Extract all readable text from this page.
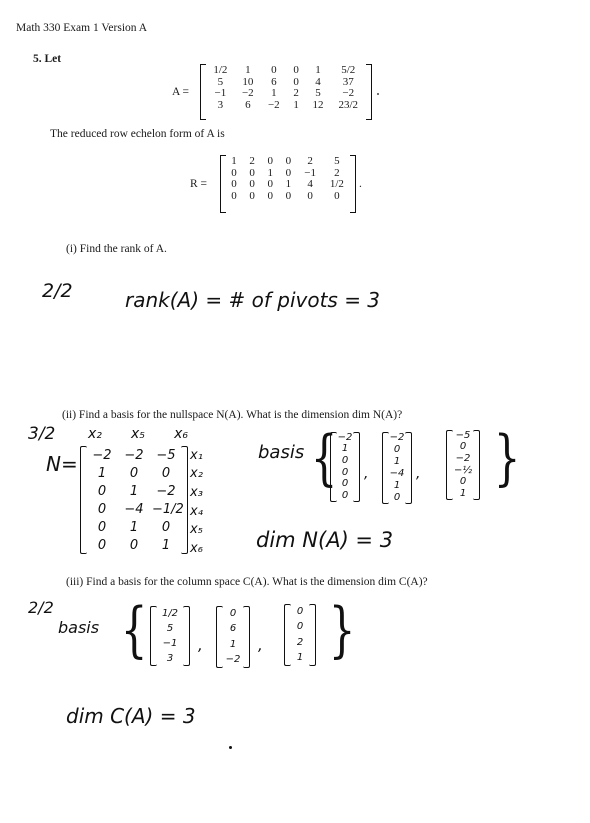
Math 330 Exam 1 Version A
5. Let
A =
1/2	1	0	0	1	5/2
5	10	6	0	4	37
−1	−2	1	2	5	−2
3	6	−2	1	12	23/2
The reduced row echelon form of A is
R =
1	2	0	0	2	5
0	0	1	0	−1	2
0	0	0	1	4	1/2
0	0	0	0	0	0
.
(i) Find the rank of A.
2/2	rank(A) = # of pivots = 3
(ii) Find a basis for the nullspace N(A). What is the dimension dim N(A)?
3/2 x₂ x₅ x₆
N=	−2 −2 −5
1	0	0
0	1	−2
0	−4 −1/2
0	1	0
0	0	1
x₁
x₂
x₃
x₄
x₅
x₆
basis { −2
1
0
0
0
0
,
−2
0
1
−4
1
0
,
−5
0
−2
−½
0
1
}
dim N(A) = 3
(iii) Find a basis for the column space C(A). What is the dimension dim C(A)?
2/2
basis { 1/2
5
−1
3
,
0
6
1
−2
,
0
0
2
1 }
dim C(A) = 3
